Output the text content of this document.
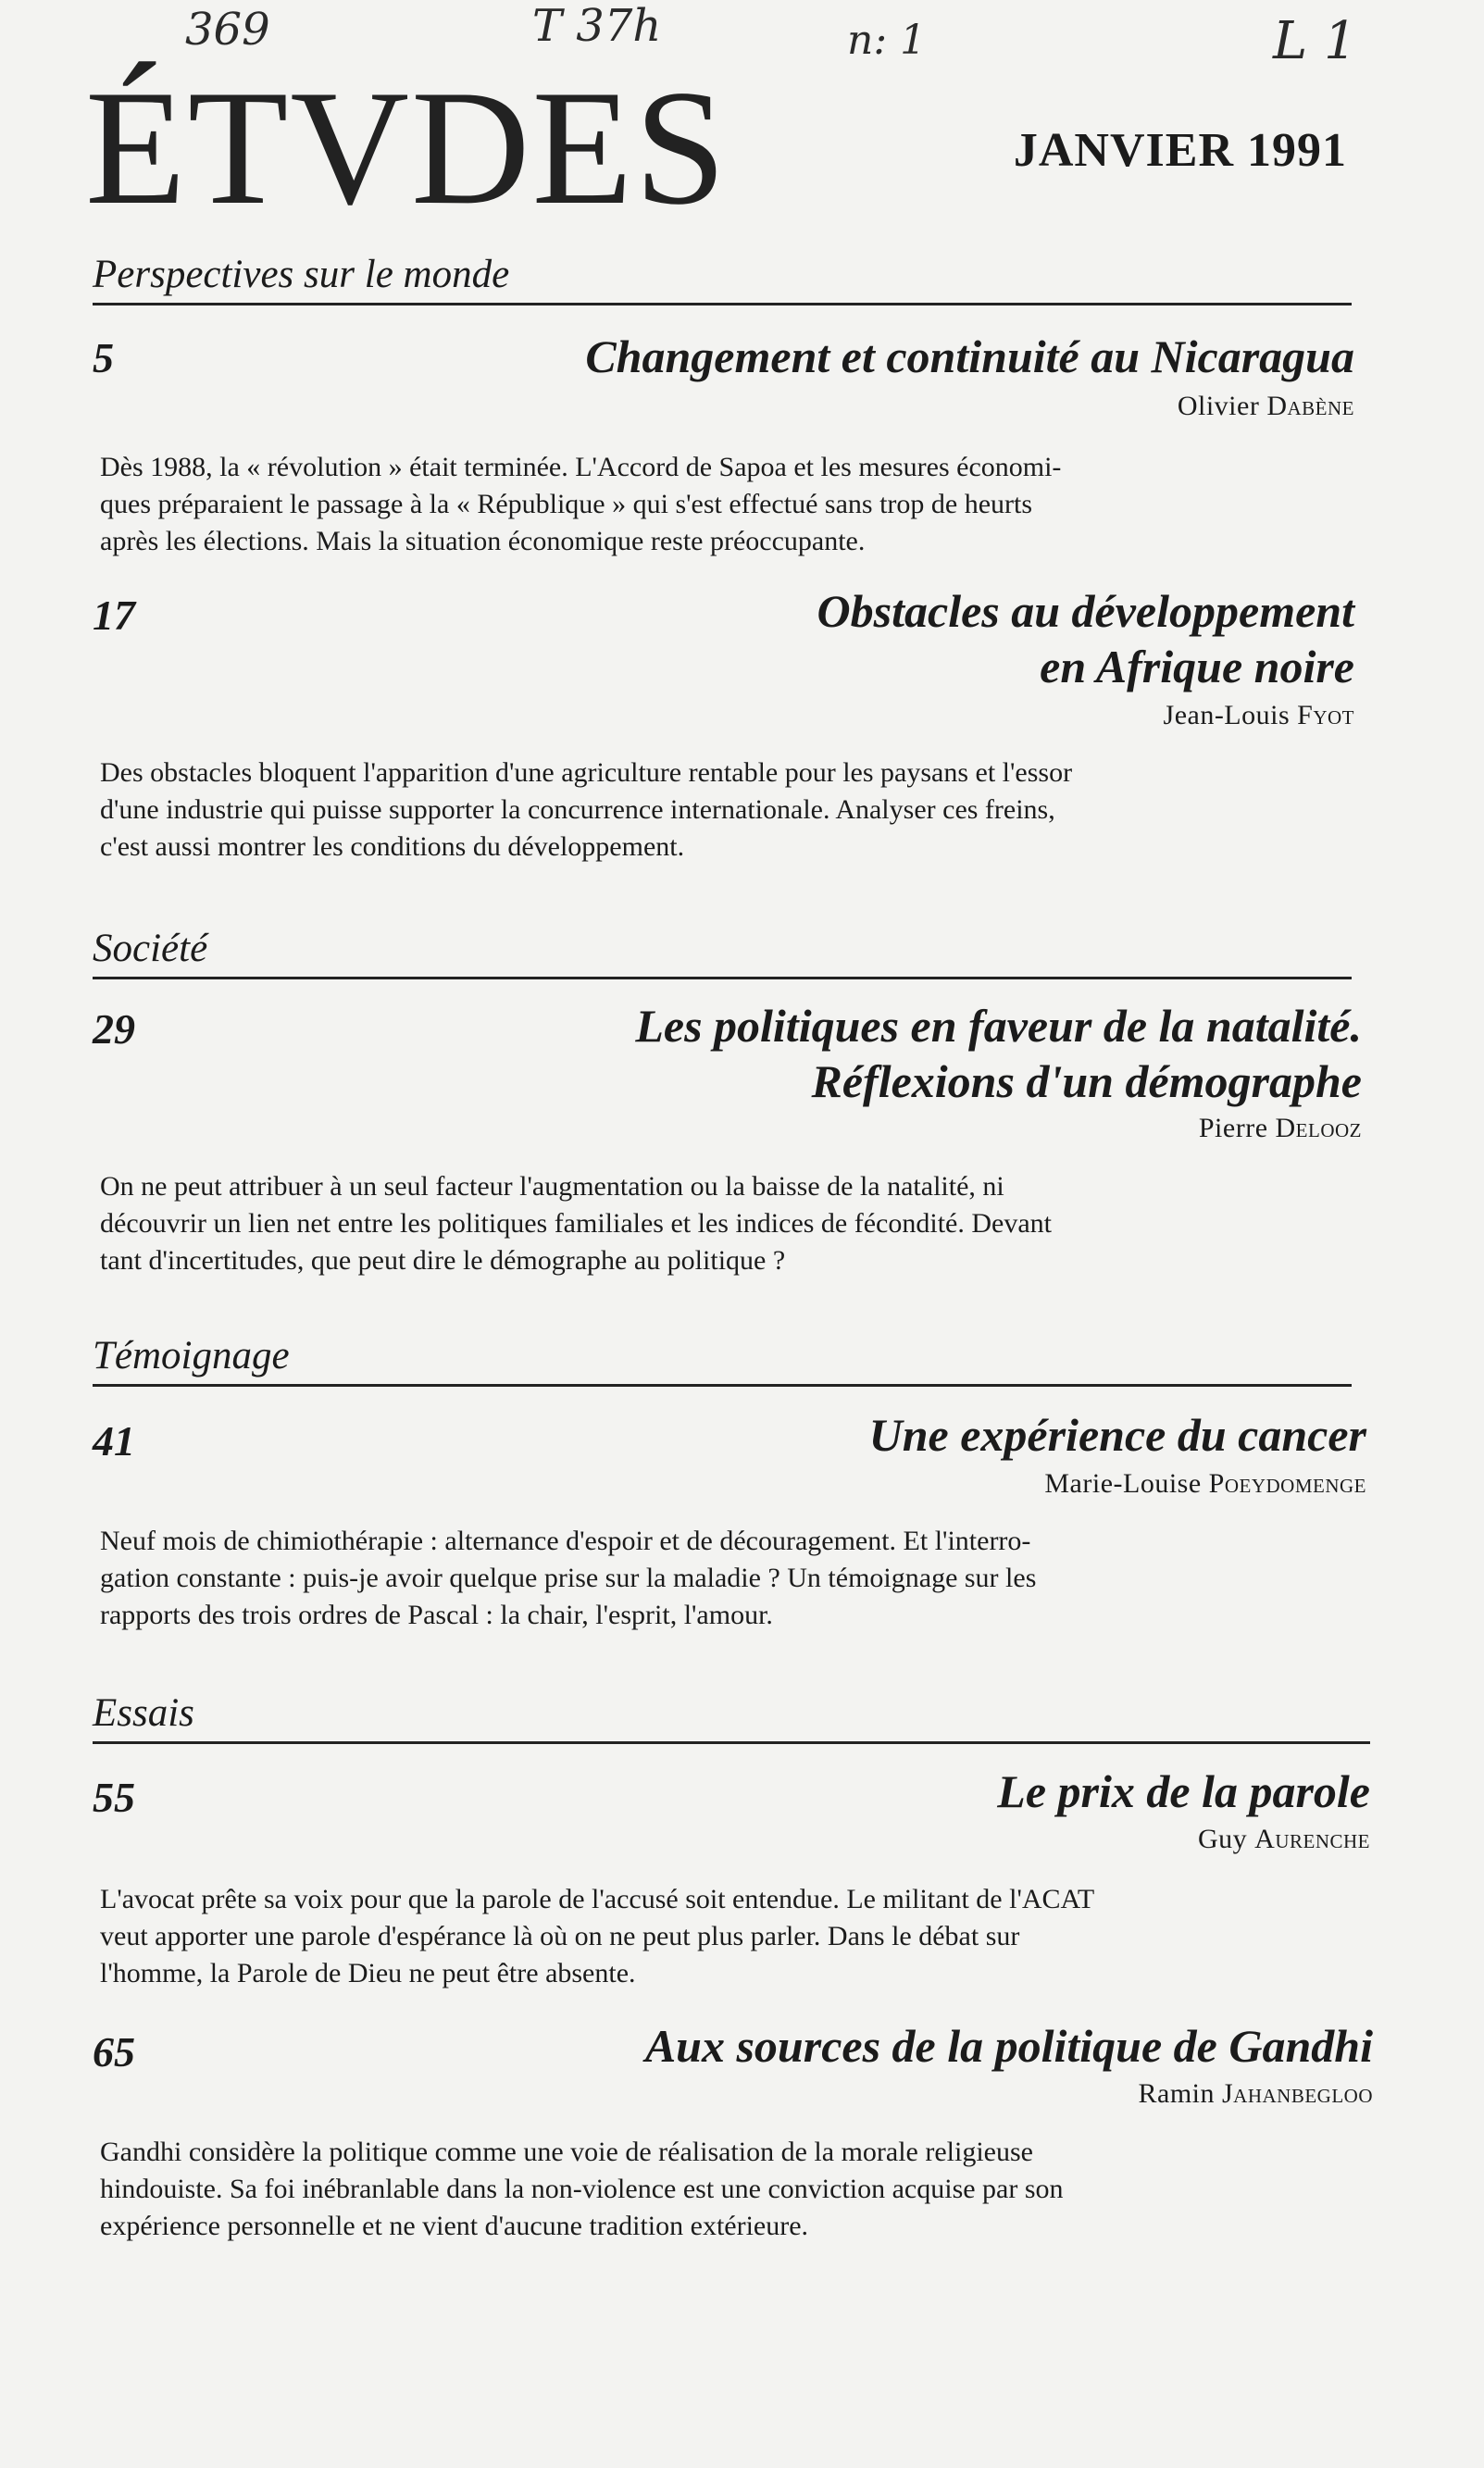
369	T 37h	n: 1	L 1
ÉTVDES	JANVIER 1991
Perspectives sur le monde
5	Changement et continuité au Nicaragua
Olivier Dabène
Dès 1988, la « révolution » était terminée. L'Accord de Sapoa et les mesures économi-
ques préparaient le passage à la « République » qui s'est effectué sans trop de heurts
après les élections. Mais la situation économique reste préoccupante.
17	Obstacles au développement
en Afrique noire
Jean-Louis Fyot
Des obstacles bloquent l'apparition d'une agriculture rentable pour les paysans et l'essor
d'une industrie qui puisse supporter la concurrence internationale. Analyser ces freins,
c'est aussi montrer les conditions du développement.
Société
29	Les politiques en faveur de la natalité.
Réflexions d'un démographe
Pierre Delooz
On ne peut attribuer à un seul facteur l'augmentation ou la baisse de la natalité, ni
découvrir un lien net entre les politiques familiales et les indices de fécondité. Devant
tant d'incertitudes, que peut dire le démographe au politique ?
Témoignage
41	Une expérience du cancer
Marie-Louise Poeydomenge
Neuf mois de chimiothérapie : alternance d'espoir et de découragement. Et l'interro-
gation constante : puis-je avoir quelque prise sur la maladie ? Un témoignage sur les
rapports des trois ordres de Pascal : la chair, l'esprit, l'amour.
Essais
55	Le prix de la parole
Guy Aurenche
L'avocat prête sa voix pour que la parole de l'accusé soit entendue. Le militant de l'ACAT
veut apporter une parole d'espérance là où on ne peut plus parler. Dans le débat sur
l'homme, la Parole de Dieu ne peut être absente.
65	Aux sources de la politique de Gandhi
Ramin Jahanbegloo
Gandhi considère la politique comme une voie de réalisation de la morale religieuse
hindouiste. Sa foi inébranlable dans la non-violence est une conviction acquise par son
expérience personnelle et ne vient d'aucune tradition extérieure.
